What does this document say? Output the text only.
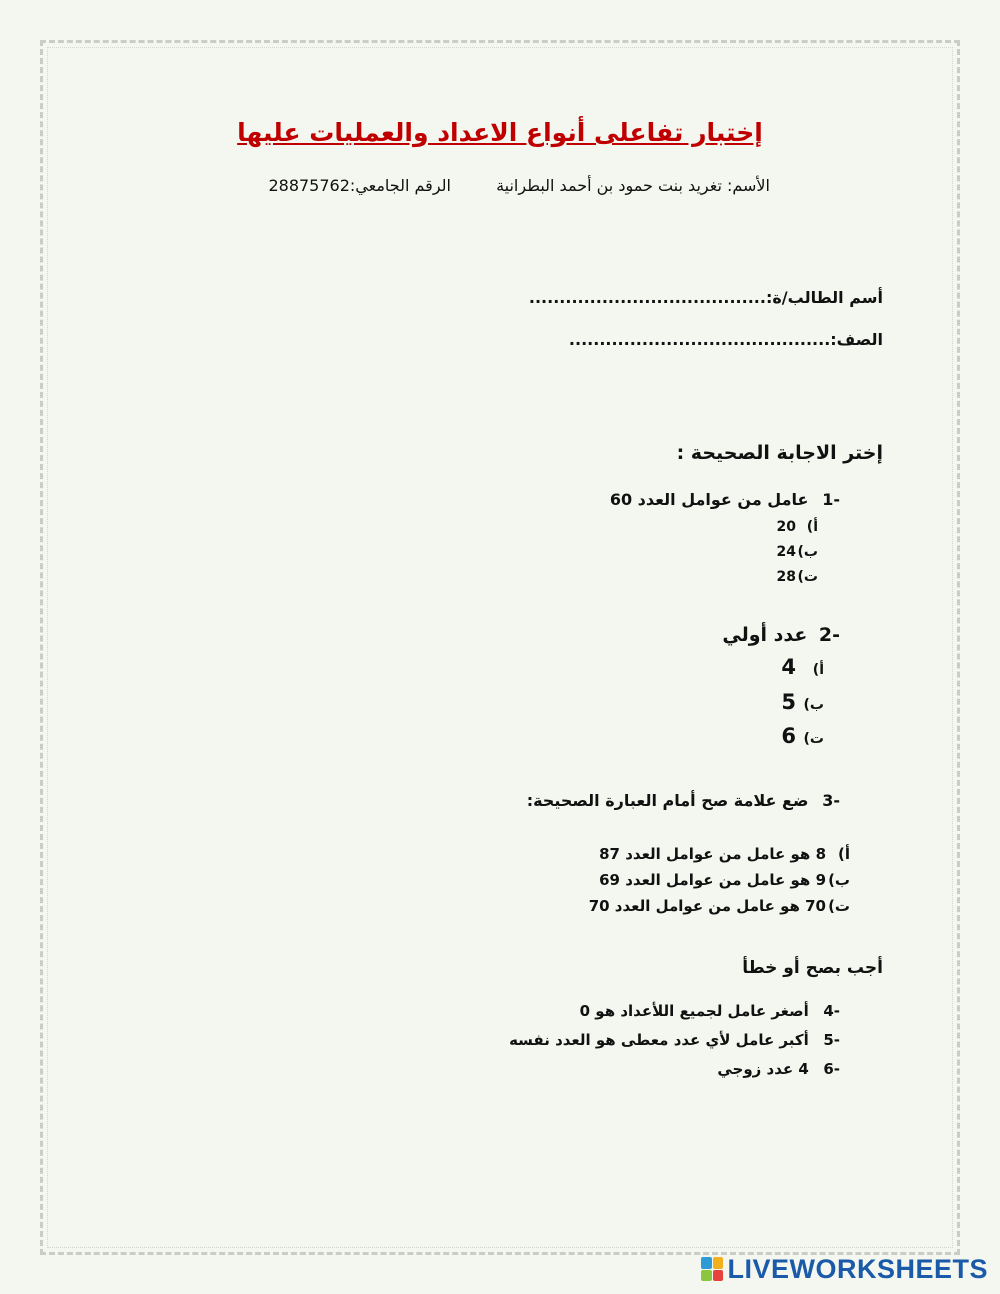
إختبار تفاعلى أنواع الاعداد والعمليات عليها
الأسم: تغريد بنت حمود بن أحمد البطرانية الرقم الجامعي:28875762
أسم الطالب/ة:.......................................
الصف:...........................................
إختر الاجابة الصحيحة :
-1 عامل من عوامل العدد 60
أ)20
ب)24
ت)28
-2 عدد أولي
أ)4
ب)5
ت)6
-3 ضع علامة صح أمام العبارة الصحيحة:
أ)8 هو عامل من عوامل العدد 87
ب)9 هو عامل من عوامل العدد 69
ت)70 هو عامل من عوامل العدد 70
أجب بصح أو خطأ
-4 أصغر عامل لجميع اللأعداد هو 0
-5 أكبر عامل لأي عدد معطى هو العدد نفسه
-6 4 عدد زوجي
LIVEWORKSHEETS
